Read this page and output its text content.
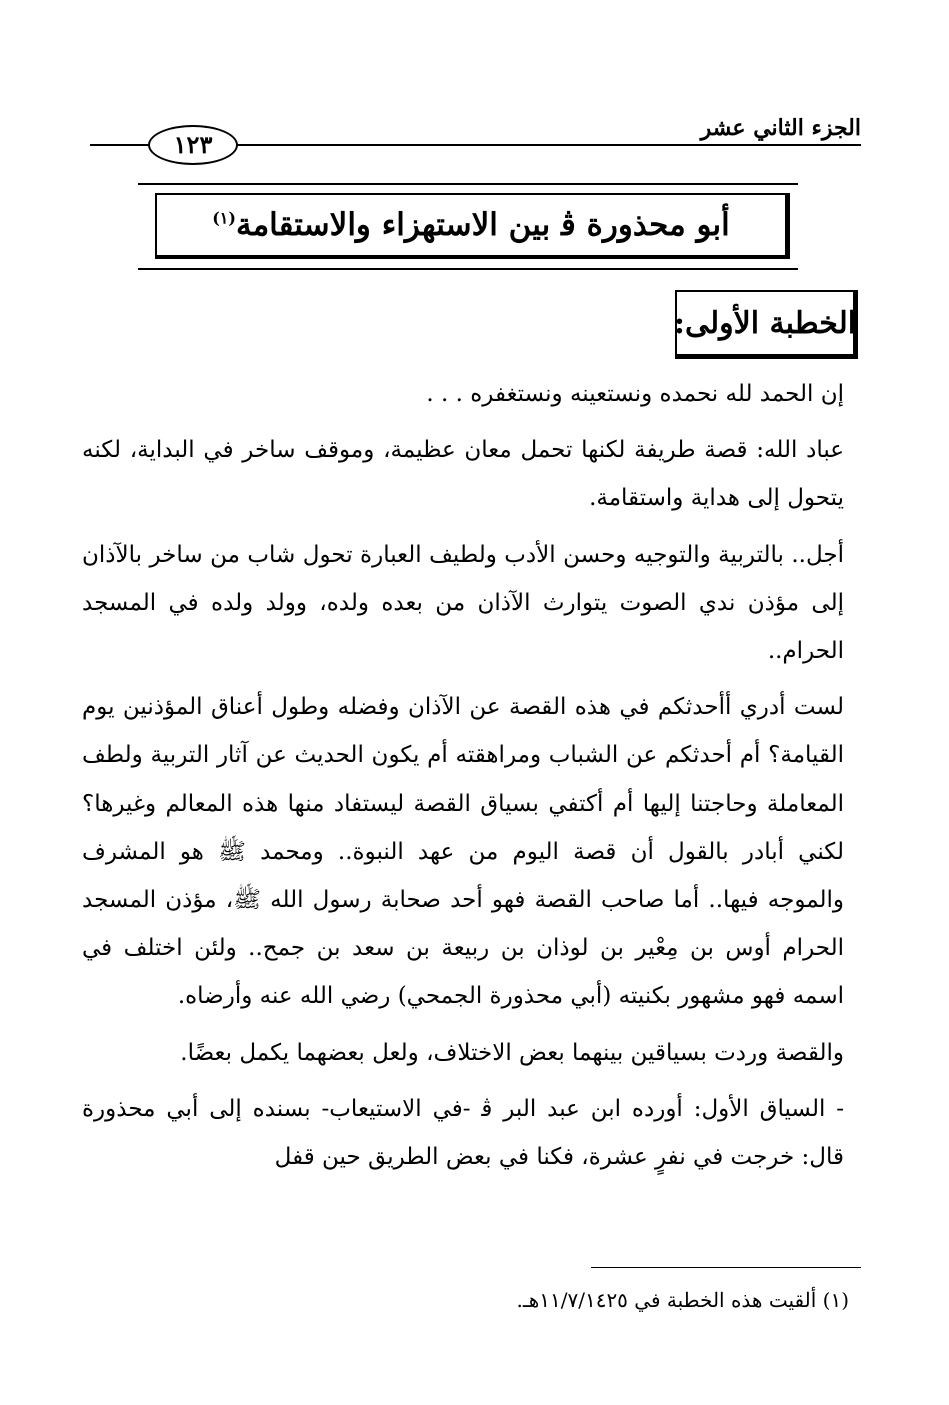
الجزء الثاني عشر
١٢٣
أبو محذورة ﭬ بين الاستهزاء والاستقامة$^{(١)}$
الخطبة الأولى:

إن الحمد لله نحمده ونستعينه ونستغفره . . .

عباد الله: قصة طريفة لكنها تحمل معان عظيمة، وموقف ساخر في البداية، لكنه يتحول إلى هداية واستقامة.

أجل.. بالتربية والتوجيه وحسن الأدب ولطيف العبارة تحول شاب من ساخر بالآذان إلى مؤذن ندي الصوت يتوارث الآذان من بعده ولده، وولد ولده في المسجد الحرام..

لست أدري أأحدثكم في هذه القصة عن الآذان وفضله وطول أعناق المؤذنين يوم القيامة؟ أم أحدثكم عن الشباب ومراهقته أم يكون الحديث عن آثار التربية ولطف المعاملة وحاجتنا إليها أم أكتفي بسياق القصة ليستفاد منها هذه المعالم وغيرها؟ لكني أبادر بالقول أن قصة اليوم من عهد النبوة.. ومحمد ﷺ هو المشرف والموجه فيها.. أما صاحب القصة فهو أحد صحابة رسول الله ﷺ، مؤذن المسجد الحرام أوس بن مِعْير بن لوذان بن ربيعة بن سعد بن جمح.. ولئن اختلف في اسمه فهو مشهور بكنيته (أبي محذورة الجمحي) رضي الله عنه وأرضاه.

والقصة وردت بسياقين بينهما بعض الاختلاف، ولعل بعضهما يكمل بعضًا.

- السياق الأول: أورده ابن عبد البر ﭬ -في الاستيعاب- بسنده إلى أبي محذورة قال: خرجت في نفرٍ عشرة، فكنا في بعض الطريق حين قفل

(١) ألقيت هذه الخطبة في ١١/٧/١٤٢٥هـ.
